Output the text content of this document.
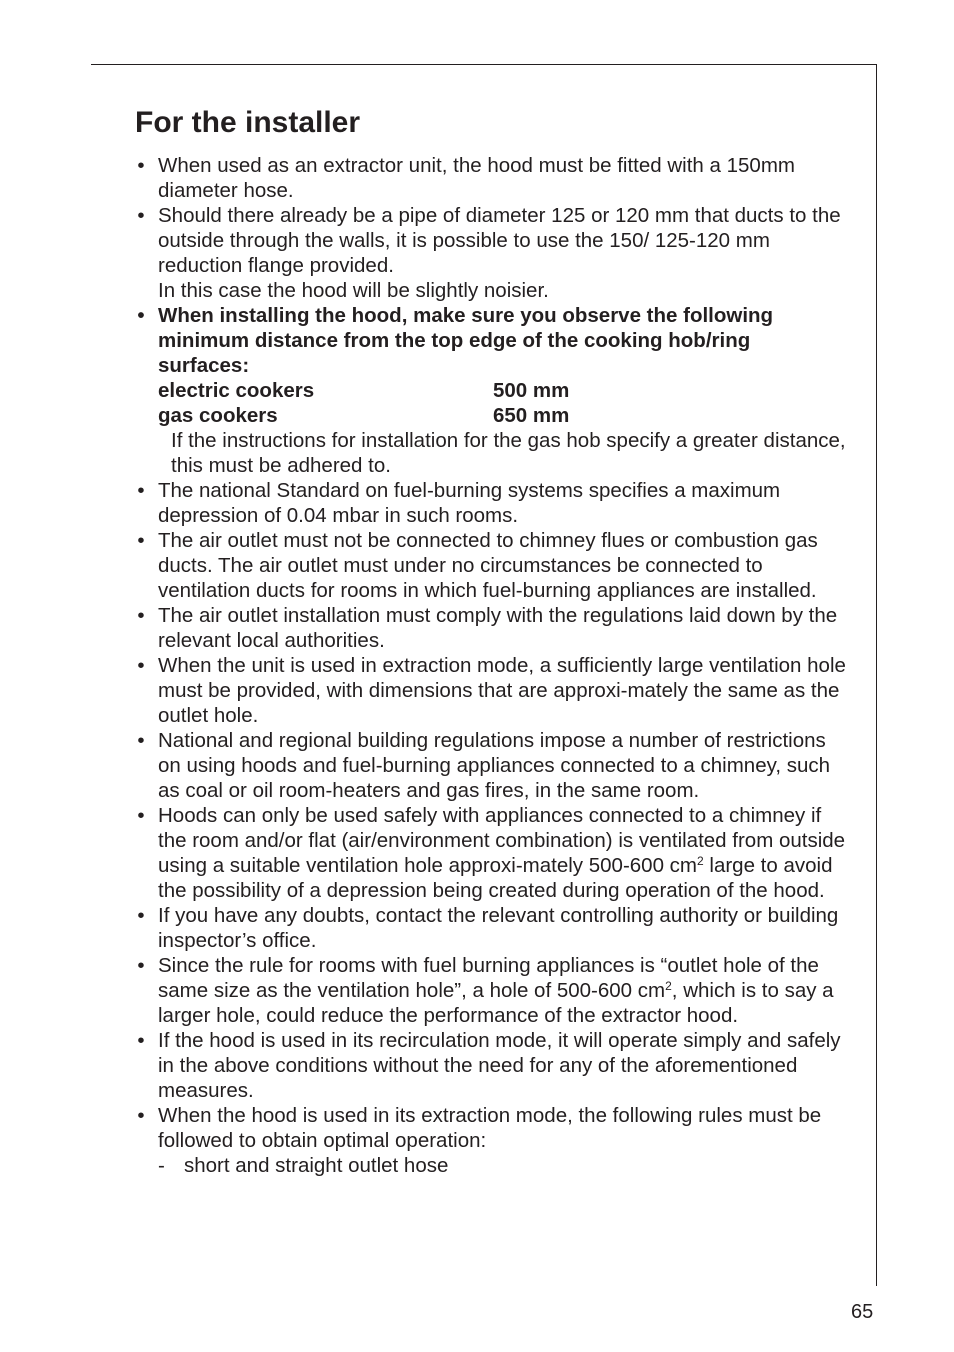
For the installer
• When used as an extractor unit, the hood must be fitted with a 150mm diameter hose.

• Should there already be a pipe of diameter 125 or 120 mm that ducts to the outside through the walls, it is possible to use the 150/ 125-120 mm reduction flange provided.

In this case the hood will be slightly noisier.

• When installing the hood, make sure you observe the following minimum distance from the top edge of the cooking hob/ring surfaces:

electric cookers	500 mm
gas cookers	650 mm

If the instructions for installation for the gas hob specify a greater distance, this must be adhered to.

• The national Standard on fuel-burning systems specifies a maximum depression of 0.04 mbar in such rooms.

• The air outlet must not be connected to chimney flues or combustion gas ducts. The air outlet must under no circumstances be connected to ventilation ducts for rooms in which fuel-burning appliances are installed.

• The air outlet installation must comply with the regulations laid down by the relevant local authorities.

• When the unit is used in extraction mode, a sufficiently large ventilation hole must be provided, with dimensions that are approxi-mately the same as the outlet hole.

• National and regional building regulations impose a number of restrictions on using hoods and fuel-burning appliances connected to a chimney, such as coal or oil room-heaters and gas fires, in the same room.

• Hoods can only be used safely with appliances connected to a chimney if the room and/or flat (air/environment combination) is ventilated from outside using a suitable ventilation hole approxi-mately 500-600 $cm^2$ large to avoid the possibility of a depression being created during operation of the hood.

• If you have any doubts, contact the relevant controlling authority or building inspector’s office.

• Since the rule for rooms with fuel burning appliances is “outlet hole of the same size as the ventilation hole”, a hole of 500-600 $cm^2$, which is to say a larger hole, could reduce the performance of the extractor hood.

• If the hood is used in its recirculation mode, it will operate simply and safely in the above conditions without the need for any of the aforementioned measures.

• When the hood is used in its extraction mode, the following rules must be followed to obtain optimal operation:

- short and straight outlet hose
65
